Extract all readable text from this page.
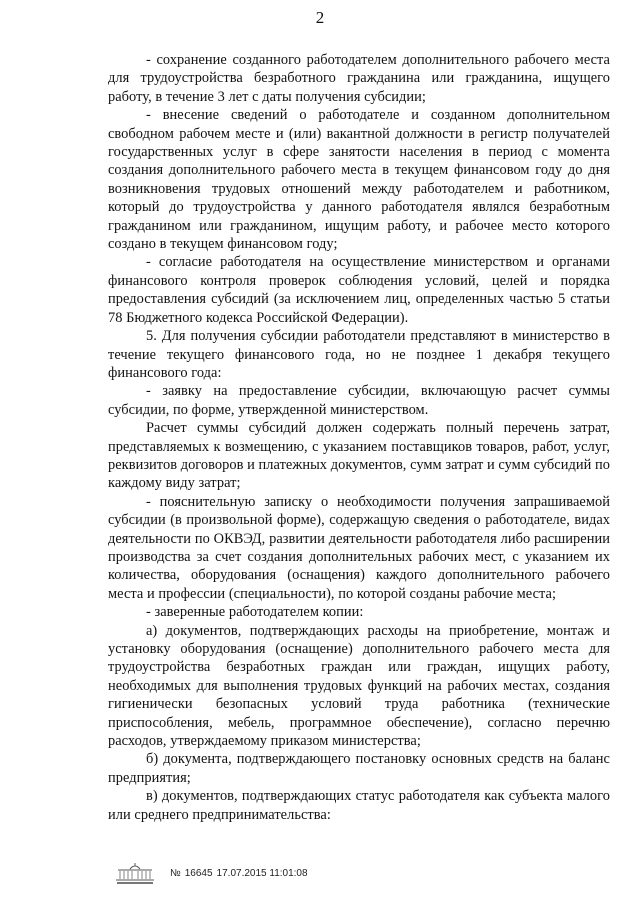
2

- сохранение созданного работодателем дополнительного рабочего места для трудоустройства безработного гражданина или гражданина, ищущего работу, в течение 3 лет с даты получения субсидии;

- внесение сведений о работодателе и созданном дополнительном свободном рабочем месте и (или) вакантной должности в регистр получателей государственных услуг в сфере занятости населения в период с момента создания дополнительного рабочего места в текущем финансовом году до дня возникновения трудовых отношений между работодателем и работником, который до трудоустройства у данного работодателя являлся безработным гражданином или гражданином, ищущим работу, и рабочее место которого создано в текущем финансовом году;

- согласие работодателя на осуществление министерством и органами финансового контроля проверок соблюдения условий, целей и порядка предоставления субсидий (за исключением лиц, определенных частью 5 статьи 78 Бюджетного кодекса Российской Федерации).

5. Для получения субсидии работодатели представляют в министерство в течение текущего финансового года, но не позднее 1 декабря текущего финансового года:

- заявку на предоставление субсидии, включающую расчет суммы субсидии, по форме, утвержденной министерством.

Расчет суммы субсидий должен содержать полный перечень затрат, представляемых к возмещению, с указанием поставщиков товаров, работ, услуг, реквизитов договоров и платежных документов, сумм затрат и сумм субсидий по каждому виду затрат;

- пояснительную записку о необходимости получения запрашиваемой субсидии (в произвольной форме), содержащую сведения о работодателе, видах деятельности по ОКВЭД, развитии деятельности работодателя либо расширении производства за счет создания дополнительных рабочих мест, с указанием их количества, оборудования (оснащения) каждого дополнительного рабочего места и профессии (специальности), по которой созданы рабочие места;

- заверенные работодателем копии:

а) документов, подтверждающих расходы на приобретение, монтаж и установку оборудования (оснащение) дополнительного рабочего места для трудоустройства безработных граждан или граждан, ищущих работу, необходимых для выполнения трудовых функций на рабочих местах, создания гигиенически безопасных условий труда работника (технические приспособления, мебель, программное обеспечение), согласно перечню расходов, утверждаемому приказом министерства;

б) документа, подтверждающего постановку основных средств на баланс предприятия;

в) документов, подтверждающих статус работодателя как субъекта малого или среднего предпринимательства:

№ 16645 17.07.2015 11:01:08
